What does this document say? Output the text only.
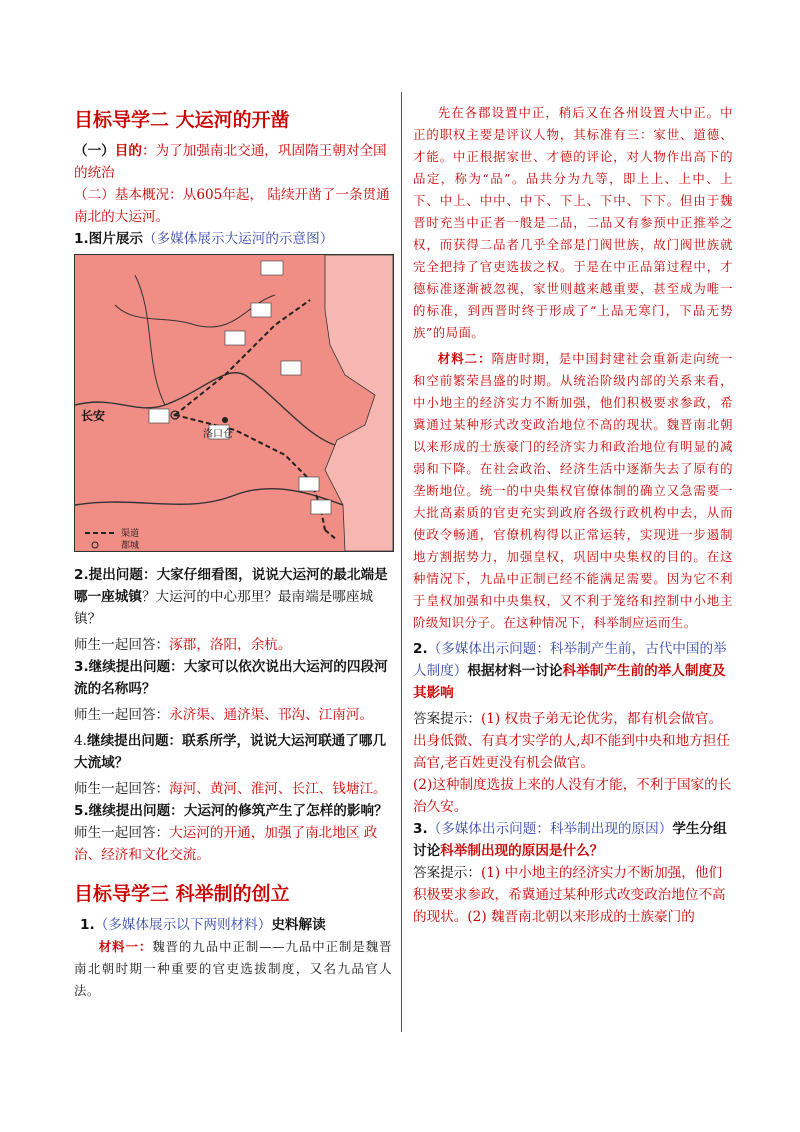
目标导学二 大运河的开凿

（一）目的：为了加强南北交通，巩固隋王朝对全国的统治

（二）基本概况：从605年起， 陆续开凿了一条贯通南北的大运河。

1.图片展示（多媒体展示大运河的示意图）

长安
洛口仓
渠道
都城

2.提出问题：大家仔细看图，说说大运河的最北端是哪一座城镇？大运河的中心那里？最南端是哪座城镇？

师生一起回答：涿郡，洛阳，余杭。

3.继续提出问题：大家可以依次说出大运河的四段河流的名称吗？

师生一起回答：永济渠、通济渠、邗沟、江南河。

4.继续提出问题：联系所学，说说大运河联通了哪几大流域？

师生一起回答：海河、黄河、淮河、长江、钱塘江。

5.继续提出问题：大运河的修筑产生了怎样的影响？

师生一起回答：大运河的开通，加强了南北地区 政治、经济和文化交流。

目标导学三 科举制的创立

1.（多媒体展示以下两则材料）史料解读

材料一：魏晋的九品中正制——九品中正制是魏晋南北朝时期一种重要的官吏选拔制度，又名九品官人法。

先在各郡设置中正，稍后又在各州设置大中正。中正的职权主要是评议人物，其标准有三：家世、道德、才能。中正根据家世、才德的评论，对人物作出高下的品定，称为“品”。品共分为九等，即上上、上中、上下、中上、中中、中下、下上、下中、下下。但由于魏晋时充当中正者一般是二品，二品又有参预中正推举之权，而获得二品者几乎全部是门阀世族，故门阀世族就完全把持了官吏选拔之权。于是在中正品第过程中，才德标准逐渐被忽视，家世则越来越重要，甚至成为唯一的标准，到西晋时终于形成了“上品无寒门，下品无势族”的局面。

材料二：隋唐时期，是中国封建社会重新走向统一和空前繁荣昌盛的时期。从统治阶级内部的关系来看，中小地主的经济实力不断加强，他们积极要求参政，希冀通过某种形式改变政治地位不高的现状。魏晋南北朝以来形成的士族豪门的经济实力和政治地位有明显的减弱和下降。在社会政治、经济生活中逐渐失去了原有的垄断地位。统一的中央集权官僚体制的确立又急需要一大批高素质的官吏充实到政府各级行政机构中去，从而使政令畅通，官僚机构得以正常运转，实现进一步遏制地方割据势力，加强皇权，巩固中央集权的目的。在这种情况下，九品中正制已经不能满足需要。因为它不利于皇权加强和中央集权，又不利于笼络和控制中小地主阶级知识分子。在这种情况下，科举制应运而生。

2.（多媒体出示问题：科举制产生前，古代中国的举人制度）根据材料一讨论科举制产生前的举人制度及其影响

答案提示：(1) 权贵子弟无论优劣，都有机会做官。出身低微、有真才实学的人,却不能到中央和地方担任高官,老百姓更没有机会做官。

(2)这种制度选拔上来的人没有才能，不利于国家的长治久安。

3.（多媒体出示问题：科举制出现的原因）学生分组讨论科举制出现的原因是什么？

答案提示：(1) 中小地主的经济实力不断加强，他们积极要求参政，希冀通过某种形式改变政治地位不高的现状。(2) 魏晋南北朝以来形成的士族豪门的
